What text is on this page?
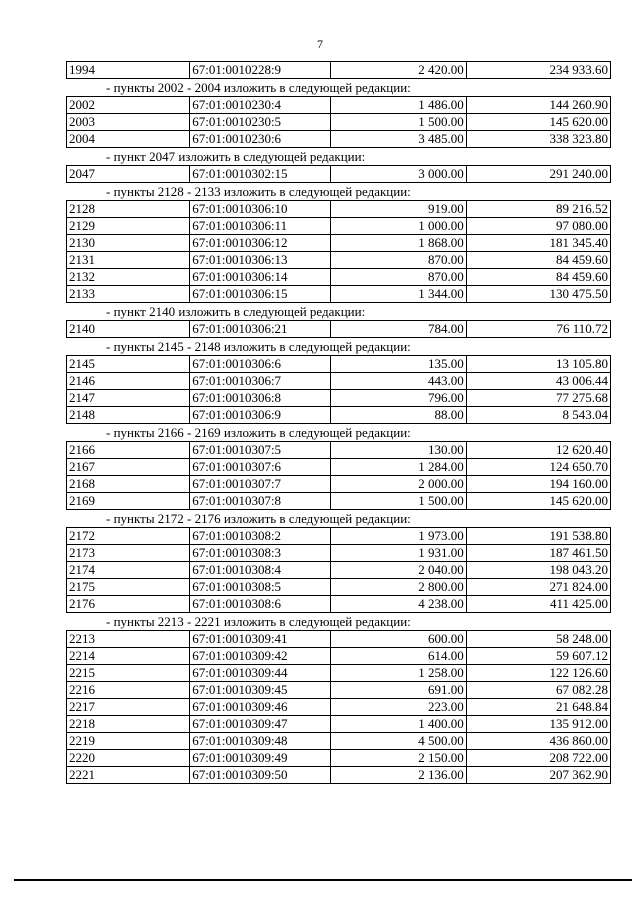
7
1994	67:01:0010228:9	2 420.00	234 933.60
- пункты 2002 - 2004 изложить в следующей редакции:
2002	67:01:0010230:4	1 486.00	144 260.90
2003	67:01:0010230:5	1 500.00	145 620.00
2004	67:01:0010230:6	3 485.00	338 323.80
- пункт 2047 изложить в следующей редакции:
2047	67:01:0010302:15	3 000.00	291 240.00
- пункты 2128 - 2133 изложить в следующей редакции:
2128	67:01:0010306:10	919.00	89 216.52
2129	67:01:0010306:11	1 000.00	97 080.00
2130	67:01:0010306:12	1 868.00	181 345.40
2131	67:01:0010306:13	870.00	84 459.60
2132	67:01:0010306:14	870.00	84 459.60
2133	67:01:0010306:15	1 344.00	130 475.50
- пункт 2140 изложить в следующей редакции:
2140	67:01:0010306:21	784.00	76 110.72
- пункты 2145 - 2148 изложить в следующей редакции:
2145	67:01:0010306:6	135.00	13 105.80
2146	67:01:0010306:7	443.00	43 006.44
2147	67:01:0010306:8	796.00	77 275.68
2148	67:01:0010306:9	88.00	8 543.04
- пункты 2166 - 2169 изложить в следующей редакции:
2166	67:01:0010307:5	130.00	12 620.40
2167	67:01:0010307:6	1 284.00	124 650.70
2168	67:01:0010307:7	2 000.00	194 160.00
2169	67:01:0010307:8	1 500.00	145 620.00
- пункты 2172 - 2176 изложить в следующей редакции:
2172	67:01:0010308:2	1 973.00	191 538.80
2173	67:01:0010308:3	1 931.00	187 461.50
2174	67:01:0010308:4	2 040.00	198 043.20
2175	67:01:0010308:5	2 800.00	271 824.00
2176	67:01:0010308:6	4 238.00	411 425.00
- пункты 2213 - 2221 изложить в следующей редакции:
2213	67:01:0010309:41	600.00	58 248.00
2214	67:01:0010309:42	614.00	59 607.12
2215	67:01:0010309:44	1 258.00	122 126.60
2216	67:01:0010309:45	691.00	67 082.28
2217	67:01:0010309:46	223.00	21 648.84
2218	67:01:0010309:47	1 400.00	135 912.00
2219	67:01:0010309:48	4 500.00	436 860.00
2220	67:01:0010309:49	2 150.00	208 722.00
2221	67:01:0010309:50	2 136.00	207 362.90
